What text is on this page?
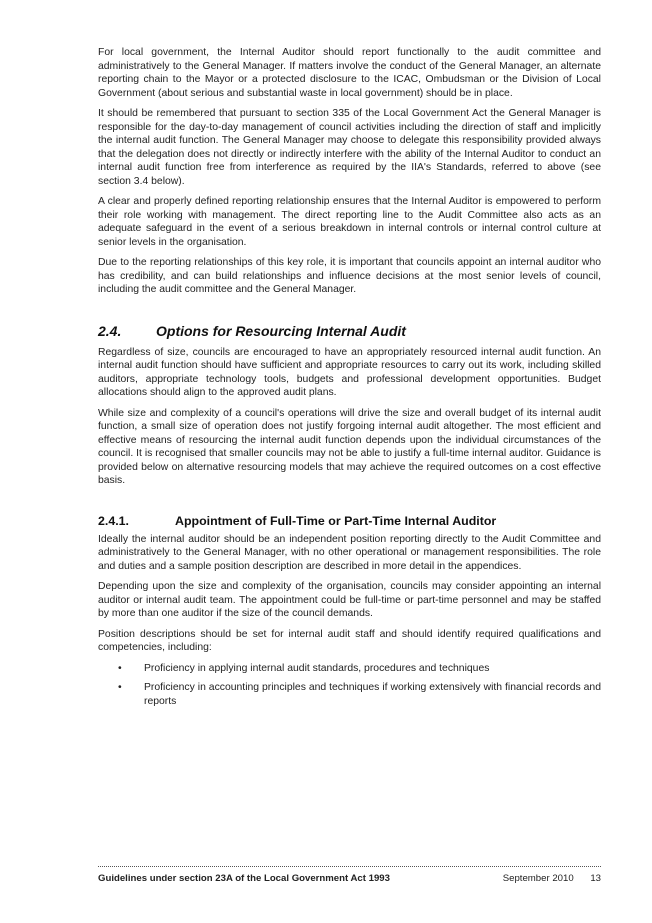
For local government, the Internal Auditor should report functionally to the audit committee and administratively to the General Manager. If matters involve the conduct of the General Manager, an alternate reporting chain to the Mayor or a protected disclosure to the ICAC, Ombudsman or the Division of Local Government (about serious and substantial waste in local government) should be in place.

It should be remembered that pursuant to section 335 of the Local Government Act the General Manager is responsible for the day-to-day management of council activities including the direction of staff and implicitly the internal audit function. The General Manager may choose to delegate this responsibility provided always that the delegation does not directly or indirectly interfere with the ability of the Internal Auditor to conduct an internal audit function free from interference as required by the IIA's Standards, referred to above (see section 3.4 below).

A clear and properly defined reporting relationship ensures that the Internal Auditor is empowered to perform their role working with management. The direct reporting line to the Audit Committee also acts as an adequate safeguard in the event of a serious breakdown in internal controls or internal control culture at senior levels in the organisation.

Due to the reporting relationships of this key role, it is important that councils appoint an internal auditor who has credibility, and can build relationships and influence decisions at the most senior levels of council, including the audit committee and the General Manager.

2.4.	Options for Resourcing Internal Audit

Regardless of size, councils are encouraged to have an appropriately resourced internal audit function. An internal audit function should have sufficient and appropriate resources to carry out its work, including skilled auditors, appropriate technology tools, budgets and professional development opportunities. Budget allocations should align to the approved audit plans.

While size and complexity of a council's operations will drive the size and overall budget of its internal audit function, a small size of operation does not justify forgoing internal audit altogether. The most efficient and effective means of resourcing the internal audit function depends upon the individual circumstances of the council. It is recognised that smaller councils may not be able to justify a full-time internal auditor. Guidance is provided below on alternative resourcing models that may achieve the required outcomes on a cost effective basis.

2.4.1.	Appointment of Full-Time or Part-Time Internal Auditor

Ideally the internal auditor should be an independent position reporting directly to the Audit Committee and administratively to the General Manager, with no other operational or management responsibilities. The role and duties and a sample position description are described in more detail in the appendices.

Depending upon the size and complexity of the organisation, councils may consider appointing an internal auditor or internal audit team. The appointment could be full-time or part-time personnel and may be staffed by more than one auditor if the size of the council demands.

Position descriptions should be set for internal audit staff and should identify required qualifications and competencies, including:

• Proficiency in applying internal audit standards, procedures and techniques
• Proficiency in accounting principles and techniques if working extensively with financial records and reports
Guidelines under section 23A of the Local Government Act 1993	September 2010 13
